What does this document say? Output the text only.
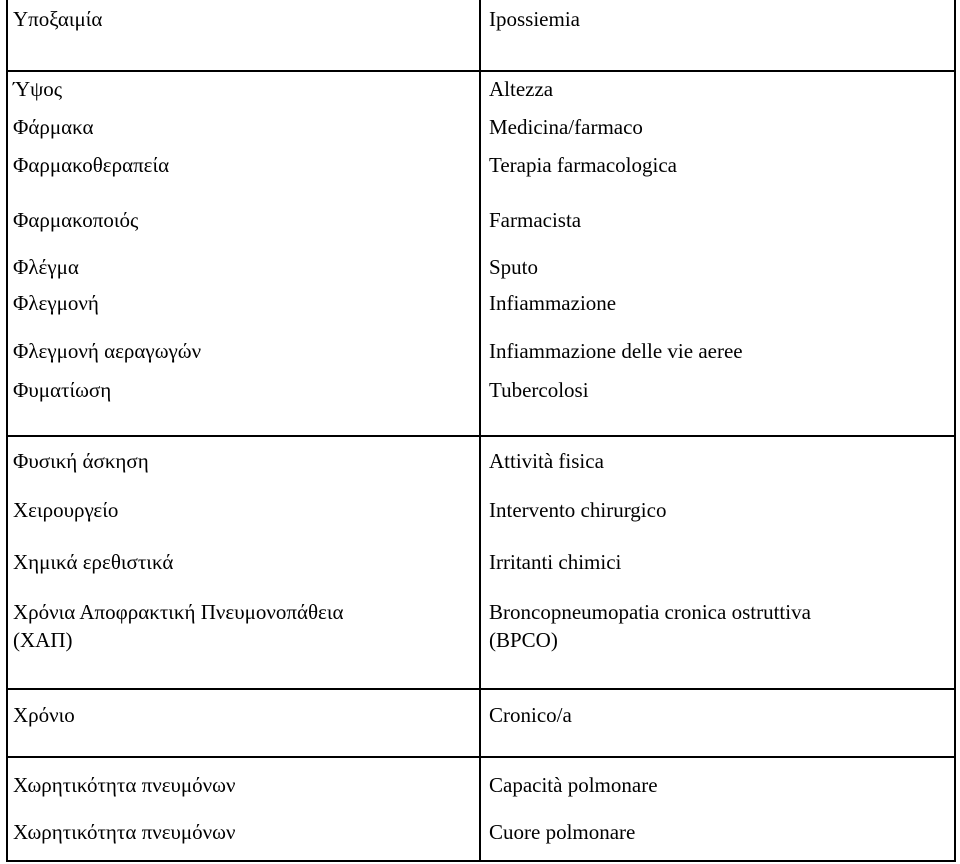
Υποξαιμία
Ύψος
Φάρμακα
Φαρμακοθεραπεία
Φαρμακοποιός
Φλέγμα
Φλεγμονή
Φλεγμονή αεραγωγών
Φυματίωση
Φυσική άσκηση
Χειρουργείο
Χημικά ερεθιστικά
Χρόνια Αποφρακτική Πνευμονοπάθεια
(ΧΑΠ)
Χρόνιο
Χωρητικότητα πνευμόνων
Χωρητικότητα πνευμόνων
Ipossiemia
Altezza
Medicina/farmaco
Terapia farmacologica
Farmacista
Sputo
Infiammazione
Infiammazione delle vie aeree
Tubercolosi
Attività fisica
Intervento chirurgico
Irritanti chimici
Broncopneumopatia cronica ostruttiva
(BPCO)
Cronico/a
Capacità polmonare
Cuore polmonare
